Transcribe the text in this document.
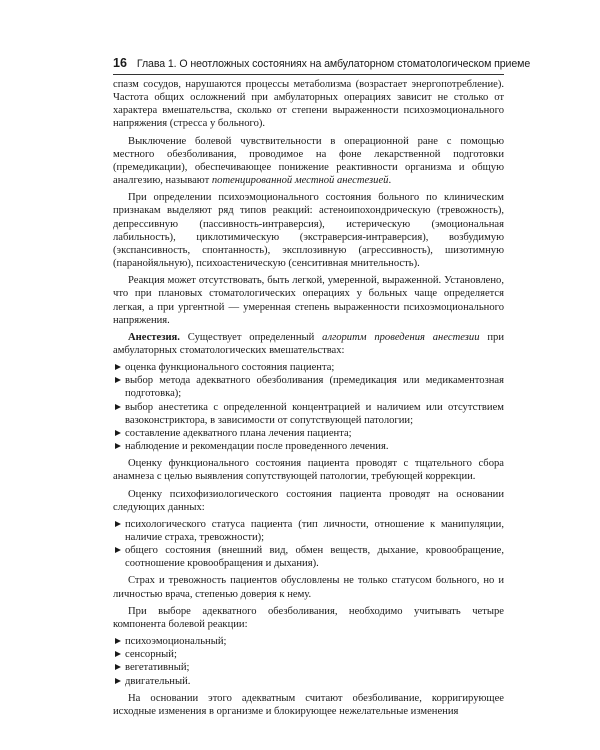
16 Глава 1. О неотложных состояниях на амбулаторном стоматологическом приеме

спазм сосудов, нарушаются процессы метаболизма (возрастает энергопотребление). Частота общих осложнений при амбулаторных операциях зависит не столько от характера вмешательства, сколько от степени выраженности психоэмоционального напряжения (стресса у больного).

Выключение болевой чувствительности в операционной ране с помощью местного обезболивания, проводимое на фоне лекарственной подготовки (премедикации), обеспечивающее понижение реактивности организма и общую аналгезию, называют потенцированной местной анестезией.

При определении психоэмоционального состояния больного по клиническим признакам выделяют ряд типов реакций: астеноипохондрическую (тревожность), депрессивную (пассивность-интраверсия), истерическую (эмоциональная лабильность), циклотимическую (экстраверсия-интраверсия), возбудимую (экспансивность, спонтанность), эксплозивную (агрессивность), шизотимную (паранойяльную), психоастеническую (сенситивная мнительность).

Реакция может отсутствовать, быть легкой, умеренной, выраженной. Установлено, что при плановых стоматологических операциях у больных чаще определяется легкая, а при ургентной — умеренная степень выраженности психоэмоционального напряжения.

Анестезия. Существует определенный алгоритм проведения анестезии при амбулаторных стоматологических вмешательствах:

оценка функционального состояния пациента;
выбор метода адекватного обезболивания (премедикация или медикаментозная подготовка);
выбор анестетика с определенной концентрацией и наличием или отсутствием вазоконстриктора, в зависимости от сопутствующей патологии;
составление адекватного плана лечения пациента;
наблюдение и рекомендации после проведенного лечения.

Оценку функционального состояния пациента проводят с тщательного сбора анамнеза с целью выявления сопутствующей патологии, требующей коррекции.

Оценку психофизиологического состояния пациента проводят на основании следующих данных:

психологического статуса пациента (тип личности, отношение к манипуляции, наличие страха, тревожности);
общего состояния (внешний вид, обмен веществ, дыхание, кровообращение, соотношение кровообращения и дыхания).

Страх и тревожность пациентов обусловлены не только статусом больного, но и личностью врача, степенью доверия к нему.

При выборе адекватного обезболивания, необходимо учитывать четыре компонента болевой реакции:

психоэмоциональный;
сенсорный;
вегетативный;
двигательный.

На основании этого адекватным считают обезболивание, корригирующее исходные изменения в организме и блокирующее нежелательные изменения
